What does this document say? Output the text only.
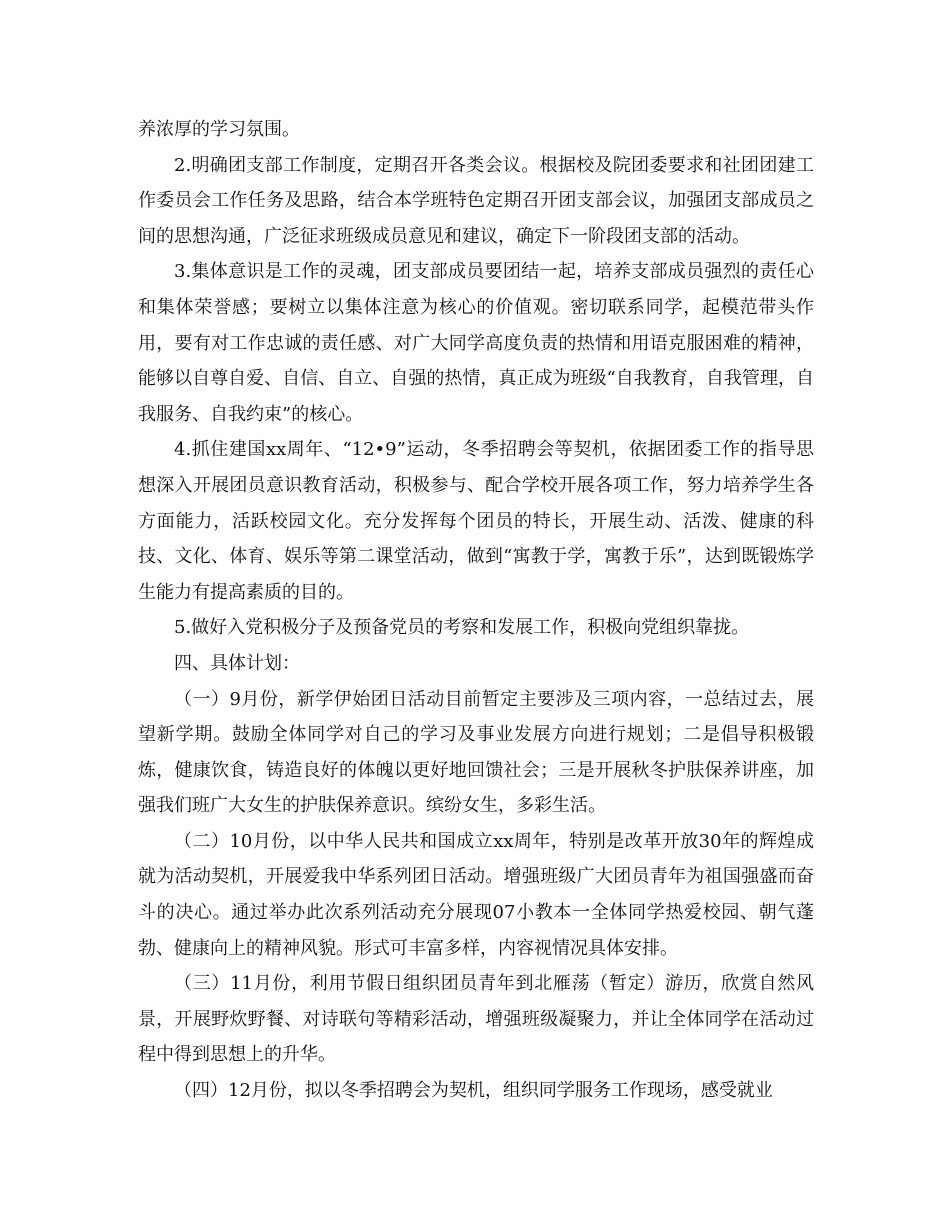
养浓厚的学习氛围。

2.明确团支部工作制度，定期召开各类会议。根据校及院团委要求和社团团建工作委员会工作任务及思路，结合本学班特色定期召开团支部会议，加强团支部成员之间的思想沟通，广泛征求班级成员意见和建议，确定下一阶段团支部的活动。

3.集体意识是工作的灵魂，团支部成员要团结一起，培养支部成员强烈的责任心和集体荣誉感；要树立以集体注意为核心的价值观。密切联系同学，起模范带头作用，要有对工作忠诚的责任感、对广大同学高度负责的热情和用语克服困难的精神，能够以自尊自爱、自信、自立、自强的热情，真正成为班级“自我教育，自我管理，自我服务、自我约束”的核心。

4.抓住建国xx周年、“12•9”运动，冬季招聘会等契机，依据团委工作的指导思想深入开展团员意识教育活动，积极参与、配合学校开展各项工作，努力培养学生各方面能力，活跃校园文化。充分发挥每个团员的特长，开展生动、活泼、健康的科技、文化、体育、娱乐等第二课堂活动，做到“寓教于学，寓教于乐”，达到既锻炼学生能力有提高素质的目的。

5.做好入党积极分子及预备党员的考察和发展工作，积极向党组织靠拢。

四、具体计划：

（一）9月份，新学伊始团日活动目前暂定主要涉及三项内容，一总结过去，展望新学期。鼓励全体同学对自己的学习及事业发展方向进行规划；二是倡导积极锻炼，健康饮食，铸造良好的体魄以更好地回馈社会；三是开展秋冬护肤保养讲座，加强我们班广大女生的护肤保养意识。缤纷女生，多彩生活。

（二）10月份，以中华人民共和国成立xx周年，特别是改革开放30年的辉煌成就为活动契机，开展爱我中华系列团日活动。增强班级广大团员青年为祖国强盛而奋斗的决心。通过举办此次系列活动充分展现07小教本一全体同学热爱校园、朝气蓬勃、健康向上的精神风貌。形式可丰富多样，内容视情况具体安排。

（三）11月份，利用节假日组织团员青年到北雁荡（暂定）游历，欣赏自然风景，开展野炊野餐、对诗联句等精彩活动，增强班级凝聚力，并让全体同学在活动过程中得到思想上的升华。

（四）12月份，拟以冬季招聘会为契机，组织同学服务工作现场，感受就业
